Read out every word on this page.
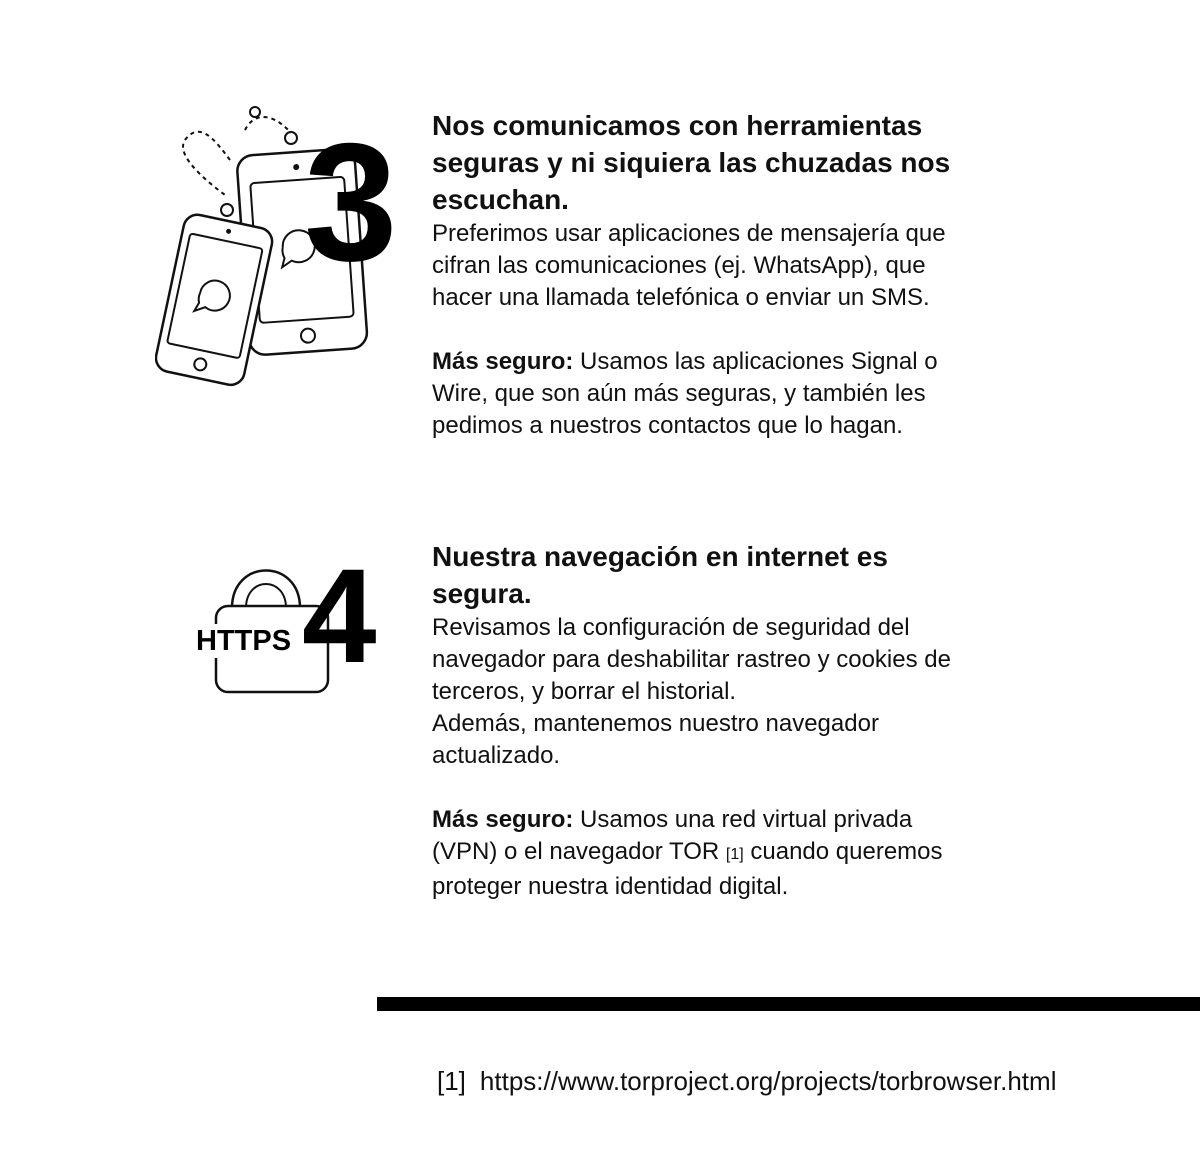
3 Nos comunicamos con herramientas
seguras y ni siquiera las chuzadas nos
escuchan.

Preferimos usar aplicaciones de mensajería que
cifran las comunicaciones (ej. WhatsApp), que
hacer una llamada telefónica o enviar un SMS.

Más seguro: Usamos las aplicaciones Signal o
Wire, que son aún más seguras, y también les
pedimos a nuestros contactos que lo hagan.

HTTPS 4 Nuestra navegación en internet es
segura.

Revisamos la configuración de seguridad del
navegador para deshabilitar rastreo y cookies de
terceros, y borrar el historial.
Además, mantenemos nuestro navegador
actualizado.

Más seguro: Usamos una red virtual privada
(VPN) o el navegador TOR [1] cuando queremos
proteger nuestra identidad digital.

[1] https://www.torproject.org/projects/torbrowser.html
